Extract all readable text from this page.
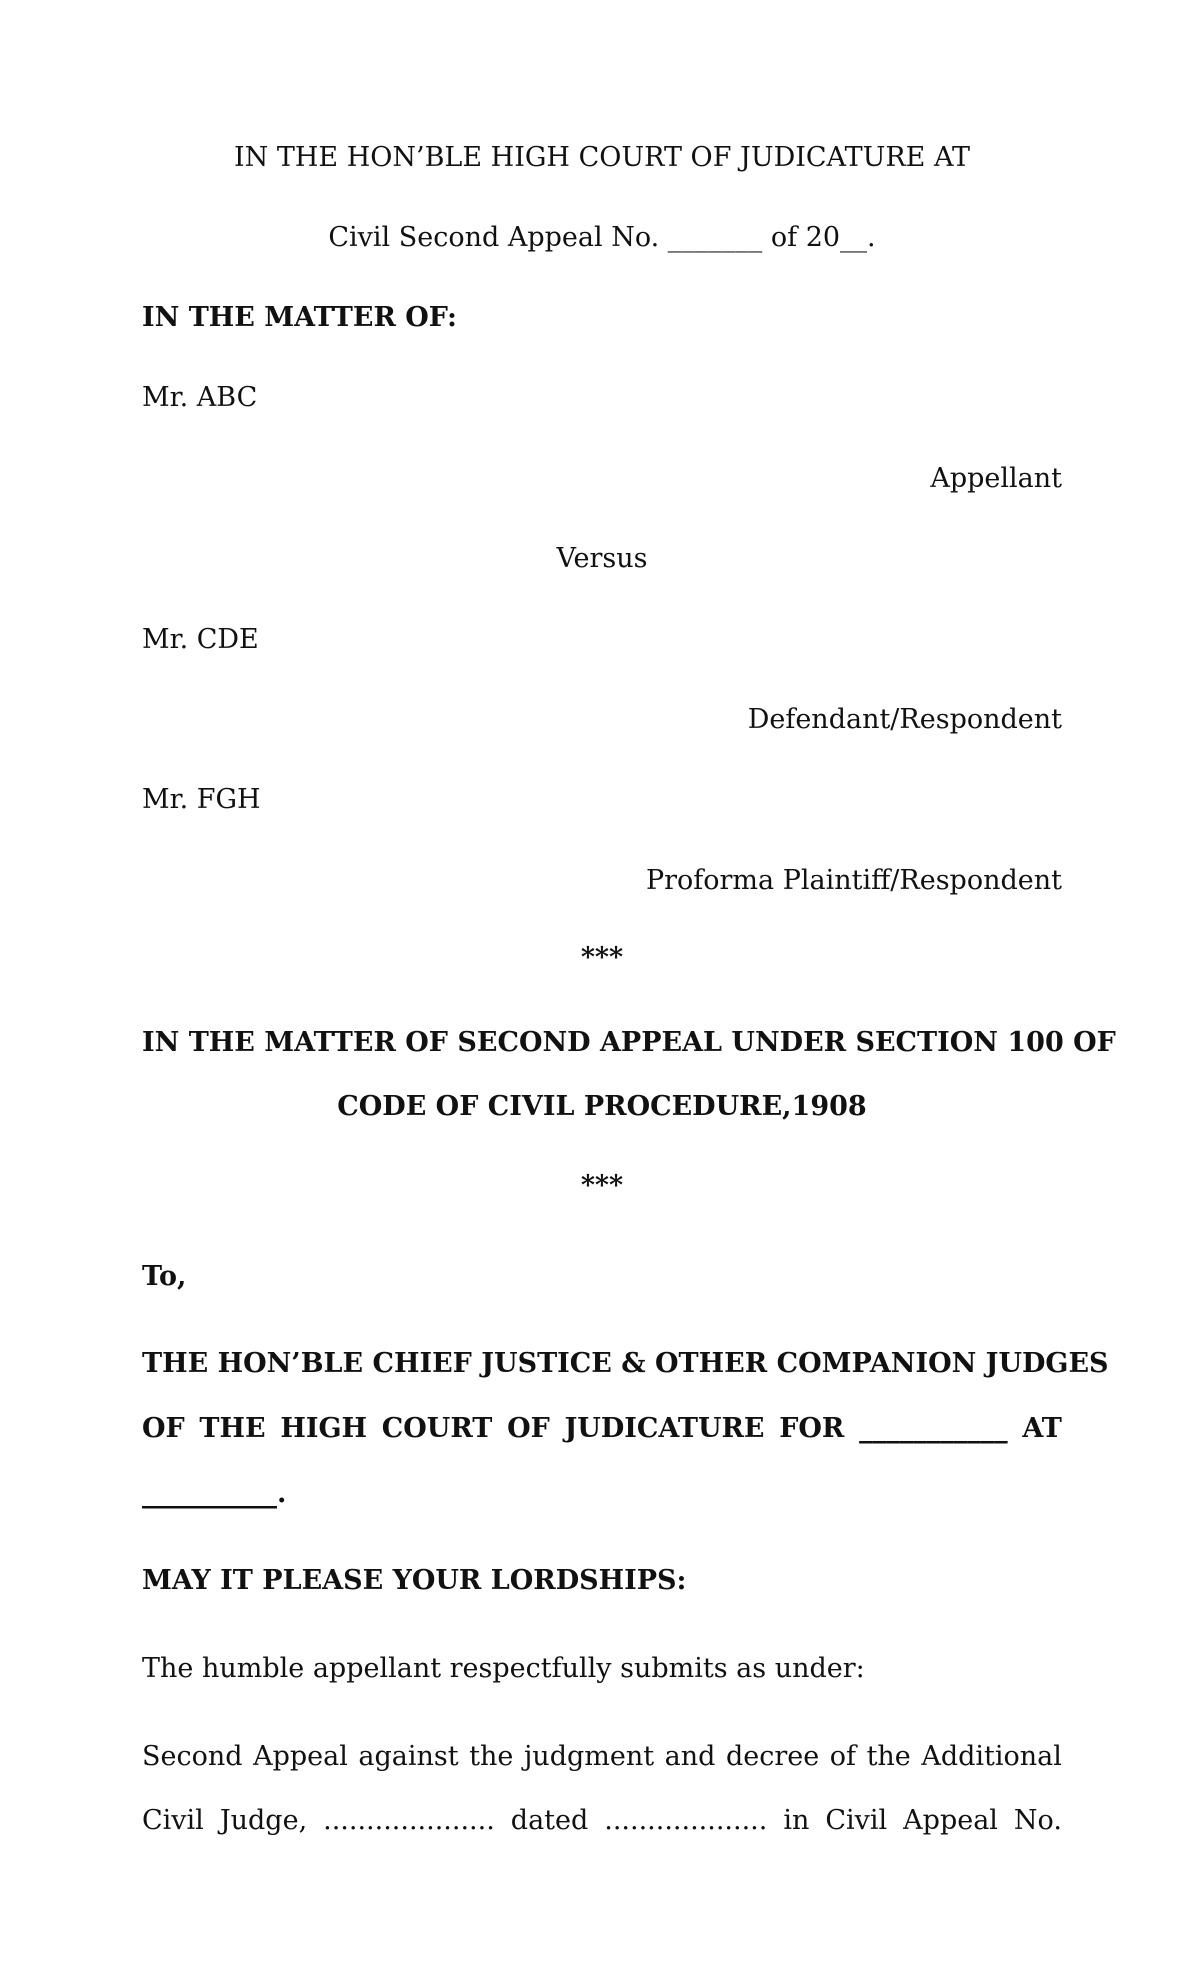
IN THE HON’BLE HIGH COURT OF JUDICATURE AT
Civil Second Appeal No. _______ of 20__.
IN THE MATTER OF:
Mr. ABC
Appellant
Versus
Mr. CDE
Defendant/Respondent
Mr. FGH
Proforma Plaintiff/Respondent
***
IN THE MATTER OF SECOND APPEAL UNDER SECTION 100 OF
CODE OF CIVIL PROCEDURE,1908
***
To,
THE HON’BLE CHIEF JUSTICE & OTHER COMPANION JUDGES
OF THE HIGH COURT OF JUDICATURE FOR ___________ AT
__________.
MAY IT PLEASE YOUR LORDSHIPS:
The humble appellant respectfully submits as under:
Second Appeal against the judgment and decree of the Additional
Civil Judge, .................... dated ................... in Civil Appeal No.
